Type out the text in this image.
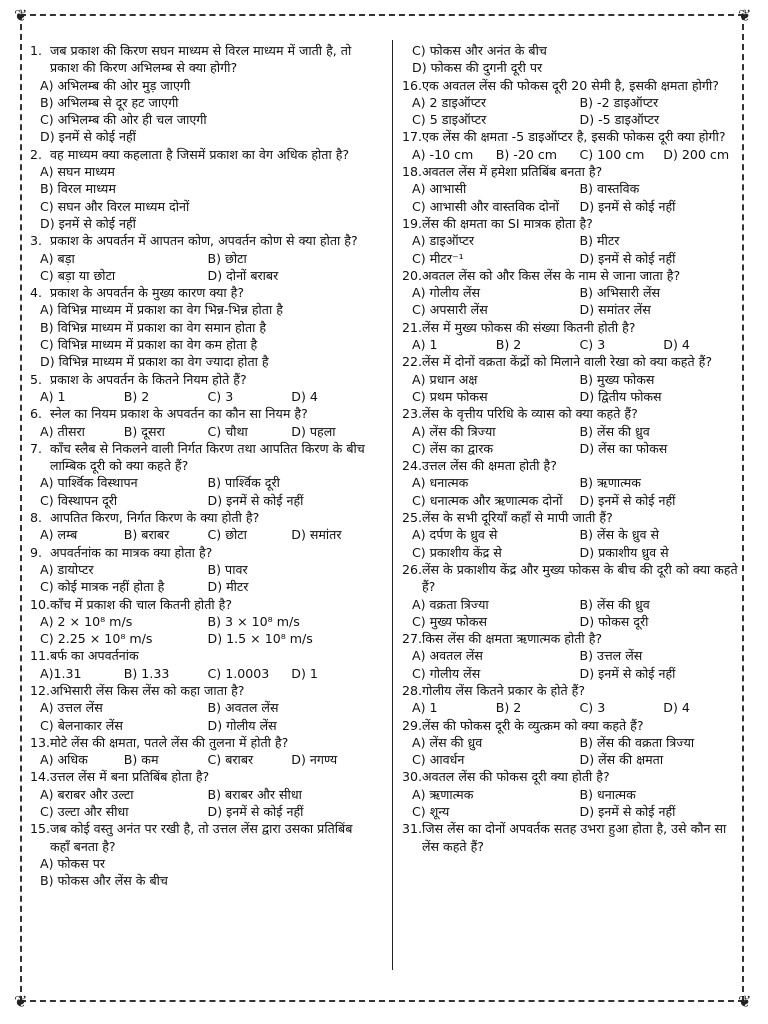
❦	❦
❦	❦
1. जब प्रकाश की किरण सघन माध्यम से विरल माध्यम में जाती है, तो प्रकाश की किरण अभिलम्ब से क्या होगी?
A) अभिलम्ब की ओर मुड़ जाएगी
B) अभिलम्ब से दूर हट जाएगी
C) अभिलम्ब की ओर ही चल जाएगी
D) इनमें से कोई नहीं
2. वह माध्यम क्या कहलाता है जिसमें प्रकाश का वेग अधिक होता है?
A) सघन माध्यम
B) विरल माध्यम
C) सघन और विरल माध्यम दोनों
D) इनमें से कोई नहीं
3. प्रकाश के अपवर्तन में आपतन कोण, अपवर्तन कोण से क्या होता है?
A) बड़ा	B) छोटा
C) बड़ा या छोटा	D) दोनों बराबर
4. प्रकाश के अपवर्तन के मुख्य कारण क्या है?
A) विभिन्न माध्यम में प्रकाश का वेग भिन्न-भिन्न होता है
B) विभिन्न माध्यम में प्रकाश का वेग समान होता है
C) विभिन्न माध्यम में प्रकाश का वेग कम होता है
D) विभिन्न माध्यम में प्रकाश का वेग ज्यादा होता है
5. प्रकाश के अपवर्तन के कितने नियम होते हैं?
A) 1	B) 2	C) 3	D) 4
6. स्नेल का नियम प्रकाश के अपवर्तन का कौन सा नियम है?
A) तीसरा	B) दूसरा	C) चौथा	D) पहला
7. काँच स्लैब से निकलने वाली निर्गत किरण तथा आपतित किरण के बीच लाम्बिक दूरी को क्या कहते हैं?
A) पार्श्विक विस्थापन	B) पार्श्विक दूरी
C) विस्थापन दूरी	D) इनमें से कोई नहीं
8. आपतित किरण, निर्गत किरण के क्या होती है?
A) लम्ब	B) बराबर	C) छोटा	D) समांतर
9. अपवर्तनांक का मात्रक क्या होता है?
A) डायोप्टर	B) पावर
C) कोई मात्रक नहीं होता है	D) मीटर
10. काँच में प्रकाश की चाल कितनी होती है?
A) 2 × 10⁸ m/s	B) 3 × 10⁸ m/s
C) 2.25 × 10⁸ m/s	D) 1.5 × 10⁸ m/s
11. बर्फ का अपवर्तनांक
A)1.31	B) 1.33	C) 1.0003	D) 1
12. अभिसारी लेंस किस लेंस को कहा जाता है?
A) उत्तल लेंस	B) अवतल लेंस
C) बेलनाकार लेंस	D) गोलीय लेंस
13. मोटे लेंस की क्षमता, पतले लेंस की तुलना में होती है?
A) अधिक	B) कम	C) बराबर	D) नगण्य
14. उत्तल लेंस में बना प्रतिबिंब होता है?
A) बराबर और उल्टा	B) बराबर और सीधा
C) उल्टा और सीधा	D) इनमें से कोई नहीं
15. जब कोई वस्तु अनंत पर रखी है, तो उत्तल लेंस द्वारा उसका प्रतिबिंब कहाँ बनता है?
A) फोकस पर
B) फोकस और लेंस के बीच
C) फोकस और अनंत के बीच
D) फोकस की दुगनी दूरी पर
16. एक अवतल लेंस की फोकस दूरी 20 सेमी है, इसकी क्षमता होगी?
A) 2 डाइऑप्टर	B) -2 डाइऑप्टर
C) 5 डाइऑप्टर	D) -5 डाइऑप्टर
17. एक लेंस की क्षमता -5 डाइऑप्टर है, इसकी फोकस दूरी क्या होगी?
A) -10 cm	B) -20 cm	C) 100 cm	D) 200 cm
18. अवतल लेंस में हमेशा प्रतिबिंब बनता है?
A) आभासी	B) वास्तविक
C) आभासी और वास्तविक दोनों	D) इनमें से कोई नहीं
19. लेंस की क्षमता का SI मात्रक होता है?
A) डाइऑप्टर	B) मीटर
C) मीटर⁻¹	D) इनमें से कोई नहीं
20. अवतल लेंस को और किस लेंस के नाम से जाना जाता है?
A) गोलीय लेंस	B) अभिसारी लेंस
C) अपसारी लेंस	D) समांतर लेंस
21. लेंस में मुख्य फोकस की संख्या कितनी होती है?
A) 1	B) 2	C) 3	D) 4
22. लेंस में दोनों वक्रता केंद्रों को मिलाने वाली रेखा को क्या कहते हैं?
A) प्रधान अक्ष	B) मुख्य फोकस
C) प्रथम फोकस	D) द्वितीय फोकस
23. लेंस के वृत्तीय परिधि के व्यास को क्या कहते हैं?
A) लेंस की त्रिज्या	B) लेंस की ध्रुव
C) लेंस का द्वारक	D) लेंस का फोकस
24. उत्तल लेंस की क्षमता होती है?
A) धनात्मक	B) ऋणात्मक
C) धनात्मक और ऋणात्मक दोनों	D) इनमें से कोई नहीं
25. लेंस के सभी दूरियाँ कहाँ से मापी जाती हैं?
A) दर्पण के ध्रुव से	B) लेंस के ध्रुव से
C) प्रकाशीय केंद्र से	D) प्रकाशीय ध्रुव से
26. लेंस के प्रकाशीय केंद्र और मुख्य फोकस के बीच की दूरी को क्या कहते हैं?
A) वक्रता त्रिज्या	B) लेंस की ध्रुव
C) मुख्य फोकस	D) फोकस दूरी
27. किस लेंस की क्षमता ऋणात्मक होती है?
A) अवतल लेंस	B) उत्तल लेंस
C) गोलीय लेंस	D) इनमें से कोई नहीं
28. गोलीय लेंस कितने प्रकार के होते हैं?
A) 1	B) 2	C) 3	D) 4
29. लेंस की फोकस दूरी के व्युत्क्रम को क्या कहते हैं?
A) लेंस की ध्रुव	B) लेंस की वक्रता त्रिज्या
C) आवर्धन	D) लेंस की क्षमता
30. अवतल लेंस की फोकस दूरी क्या होती है?
A) ऋणात्मक	B) धनात्मक
C) शून्य	D) इनमें से कोई नहीं
31. जिस लेंस का दोनों अपवर्तक सतह उभरा हुआ होता है, उसे कौन सा लेंस कहते हैं?
